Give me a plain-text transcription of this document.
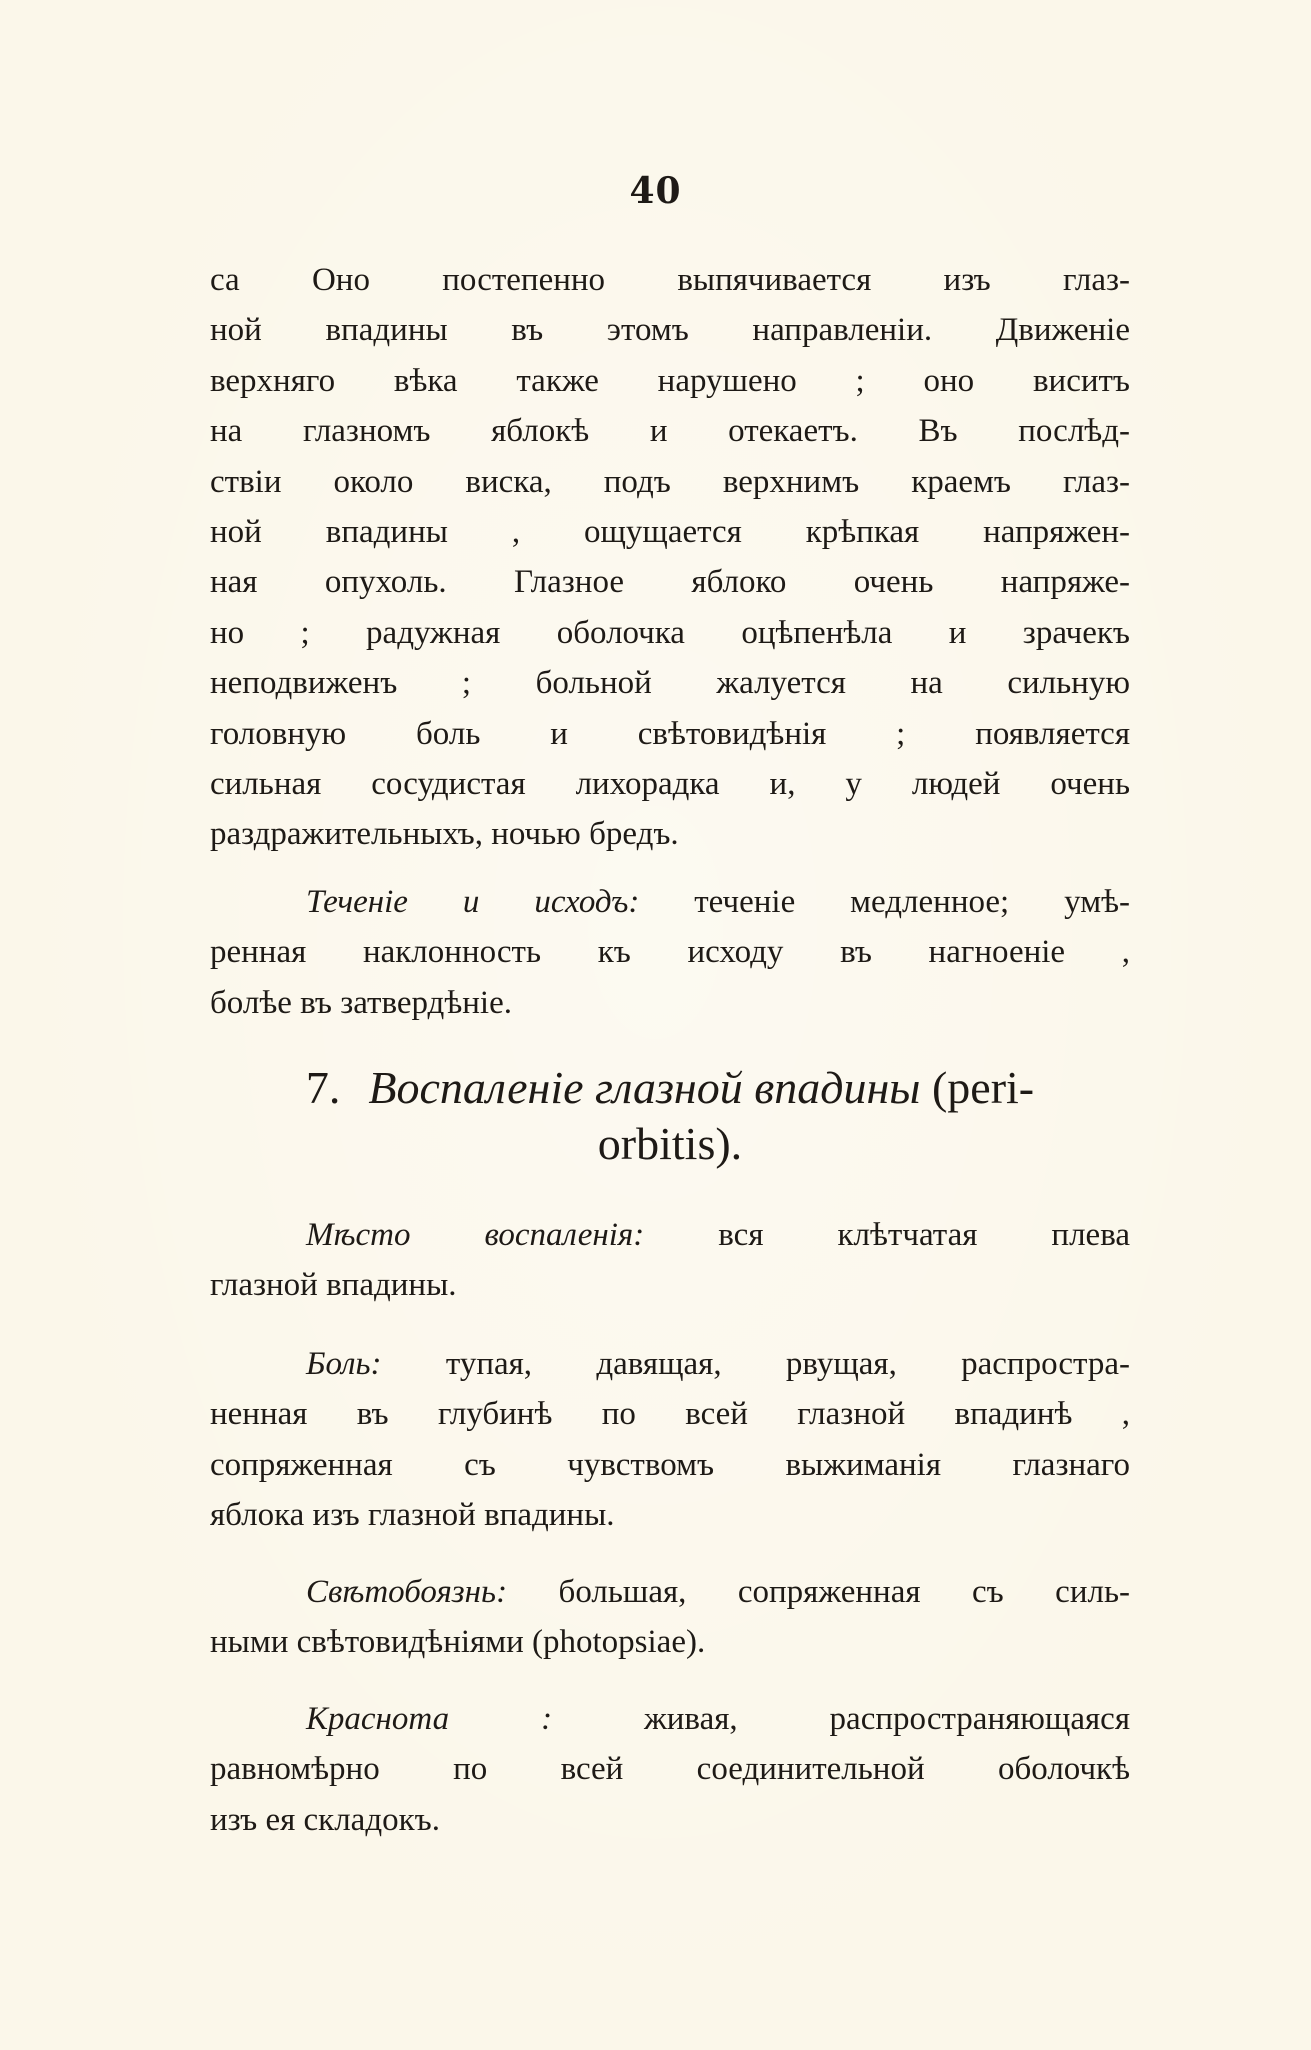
40
са Оно постепенно выпячивается изъ глаз-
ной впадины въ этомъ направленіи. Движеніе
верхняго вѣка также нарушено ; оно виситъ
на глазномъ яблокѣ и отекаетъ. Въ послѣд-
ствіи около виска, подъ верхнимъ краемъ глаз-
ной впадины , ощущается крѣпкая напряжен-
ная опухоль. Глазное яблоко очень напряже-
но ; радужная оболочка оцѣпенѣла и зрачекъ
неподвиженъ ; больной жалуется на сильную
головную боль и свѣтовидѣнія ; появляется
сильная сосудистая лихорадка и, у людей очень
раздражительныхъ, ночью бредъ.
Теченіе и исходъ: теченіе медленное; умѣ-
ренная наклонность къ исходу въ нагноеніе ,
болѣе въ затвердѣніе.
7. Воспаленіе глазной впадины (peri-
orbitis).
Мѣсто воспаленія: вся клѣтчатая плева
глазной впадины.
Боль: тупая, давящая, рвущая, распростра-
ненная въ глубинѣ по всей глазной впадинѣ ,
сопряженная съ чувствомъ выжиманія глазнаго
яблока изъ глазной впадины.
Свѣтобоязнь: большая, сопряженная съ силь-
ными свѣтовидѣніями (photopsiae).
Краснота : живая, распространяющаяся
равномѣрно по всей соединительной оболочкѣ
изъ ея складокъ.
